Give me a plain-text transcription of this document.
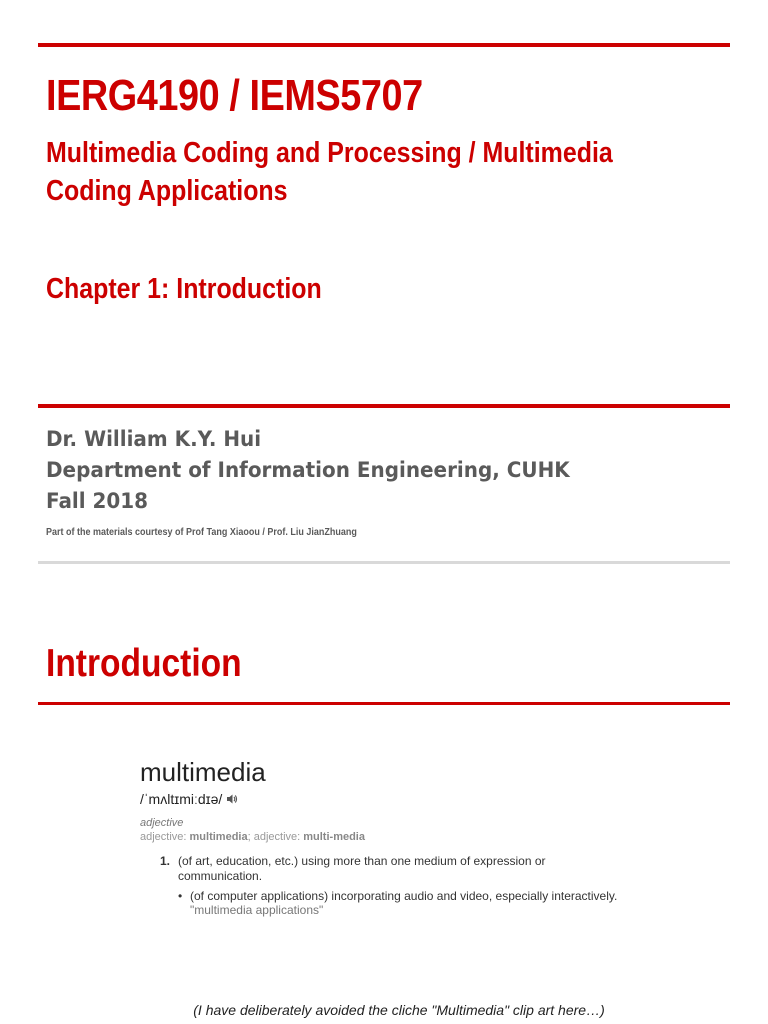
IERG4190 / IEMS5707
Multimedia Coding and Processing / Multimedia Coding Applications
Chapter 1: Introduction
Dr. William K.Y. Hui
Department of Information Engineering, CUHK
Fall 2018
Part of the materials courtesy of Prof Tang Xiaoou / Prof. Liu JianZhuang
Introduction
multimedia
/ˈmʌltɪmiːdɪə/
adjective
adjective: multimedia; adjective: multi-media
1. (of art, education, etc.) using more than one medium of expression or communication.
• (of computer applications) incorporating audio and video, especially interactively.
"multimedia applications"
(I have deliberately avoided the cliche "Multimedia" clip art here…)
